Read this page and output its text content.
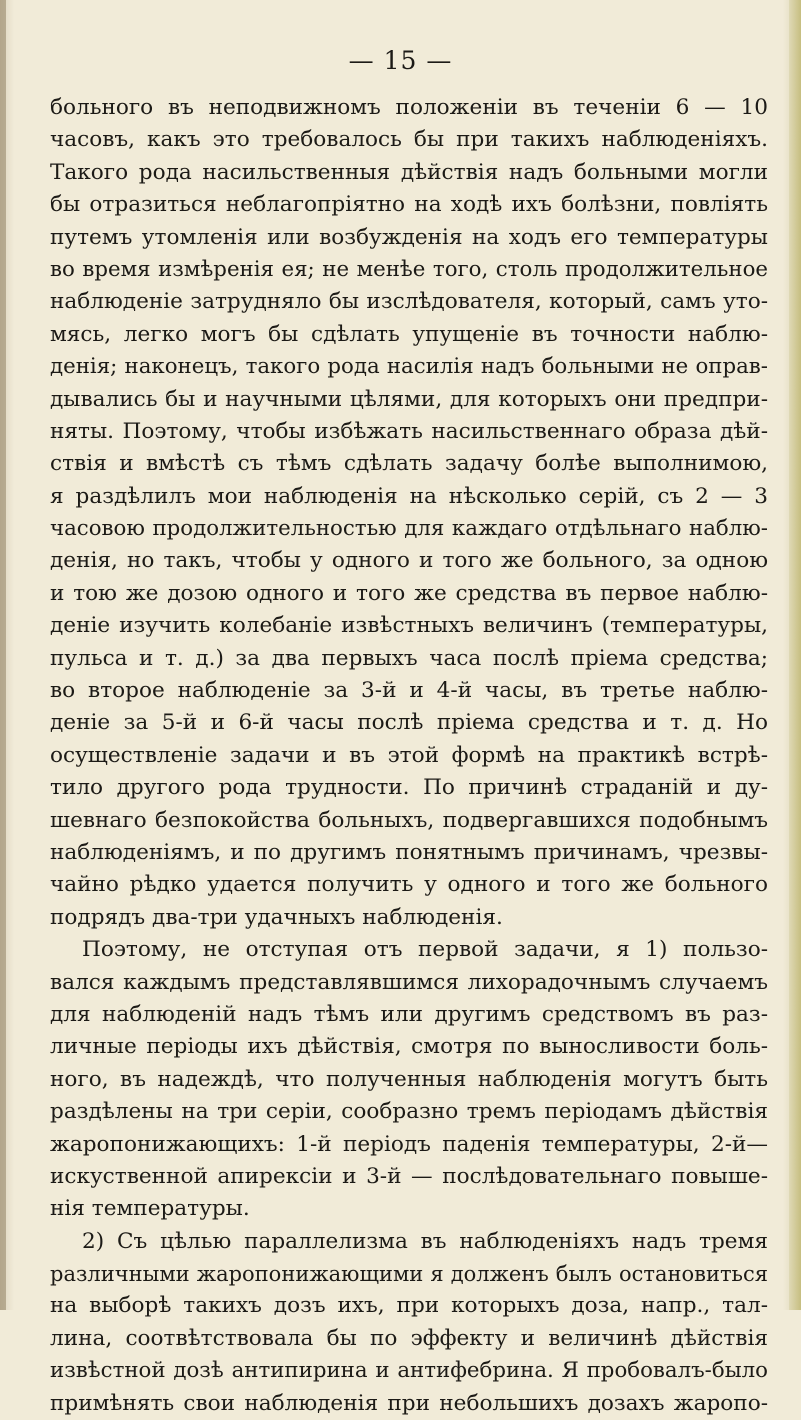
— 15 —
больного въ неподвижномъ положеніи въ теченіи 6 — 10
часовъ, какъ это требовалось бы при такихъ наблюденіяхъ.
Такого рода насильственныя дѣйствія надъ больными могли
бы отразиться неблагопріятно на ходѣ ихъ болѣзни, повліять
путемъ утомленія или возбужденія на ходъ его температуры
во время измѣренія ея; не менѣе того, столь продолжительное
наблюденіе затрудняло бы изслѣдователя, который, самъ уто-
мясь, легко могъ бы сдѣлать упущеніе въ точности наблю-
денія; наконецъ, такого рода насилія надъ больными не оправ-
дывались бы и научными цѣлями, для которыхъ они предпри-
няты. Поэтому, чтобы избѣжать насильственнаго образа дѣй-
ствія и вмѣстѣ съ тѣмъ сдѣлать задачу болѣе выполнимою,
я раздѣлилъ мои наблюденія на нѣсколько серій, съ 2 — 3
часовою продолжительностью для каждаго отдѣльнаго наблю-
денія, но такъ, чтобы у одного и того же больного, за одною
и тою же дозою одного и того же средства въ первое наблю-
деніе изучить колебаніе извѣстныхъ величинъ (температуры,
пульса и т. д.) за два первыхъ часа послѣ пріема средства;
во второе наблюденіе за 3-й и 4-й часы, въ третье наблю-
деніе за 5-й и 6-й часы послѣ пріема средства и т. д. Но
осуществленіе задачи и въ этой формѣ на практикѣ встрѣ-
тило другого рода трудности. По причинѣ страданій и ду-
шевнаго безпокойства больныхъ, подвергавшихся подобнымъ
наблюденіямъ, и по другимъ понятнымъ причинамъ, чрезвы-
чайно рѣдко удается получить у одного и того же больного
подрядъ два-три удачныхъ наблюденія.
Поэтому, не отступая отъ первой задачи, я 1) пользо-
вался каждымъ представлявшимся лихорадочнымъ случаемъ
для наблюденій надъ тѣмъ или другимъ средствомъ въ раз-
личные періоды ихъ дѣйствія, смотря по выносливости боль-
ного, въ надеждѣ, что полученныя наблюденія могутъ быть
раздѣлены на три серіи, сообразно тремъ періодамъ дѣйствія
жаропонижающихъ: 1-й періодъ паденія температуры, 2-й—
искуственной апирексіи и 3-й — послѣдовательнаго повыше-
нія температуры.
2) Съ цѣлью параллелизма въ наблюденіяхъ надъ тремя
различными жаропонижающими я долженъ былъ остановиться
на выборѣ такихъ дозъ ихъ, при которыхъ доза, напр., тал-
лина, соотвѣтствовала бы по эффекту и величинѣ дѣйствія
извѣстной дозѣ антипирина и антифебрина. Я пробовалъ-было
примѣнять свои наблюденія при небольшихъ дозахъ жаропо-
